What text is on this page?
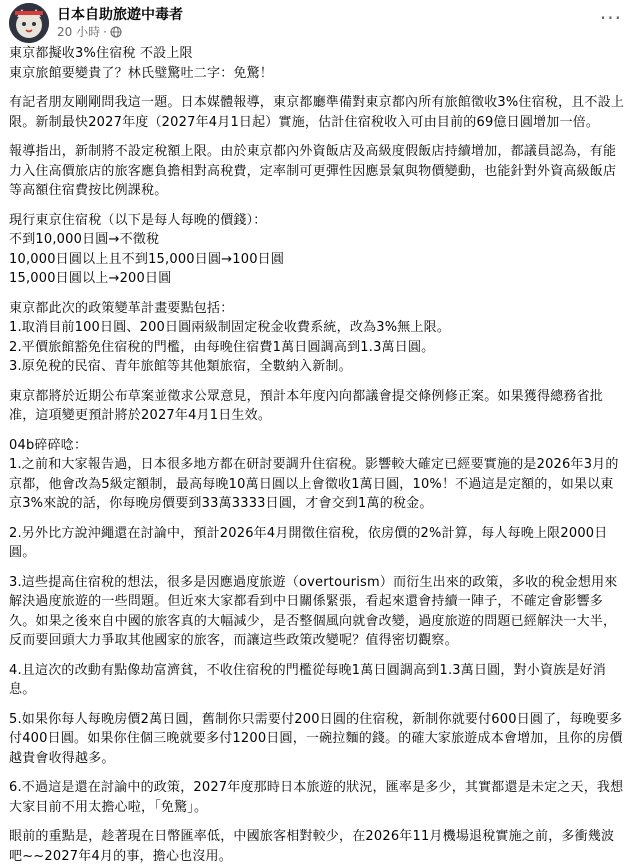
日本自助旅遊中毒者
20 小時 ·
···

東京都擬收3%住宿稅 不設上限
東京旅館要變貴了？林氏璧驚吐二字：免驚！

有記者朋友剛剛問我這一題。日本媒體報導，東京都廳準備對東京都內所有旅館徵收3%住宿稅，且不設上限。新制最快2027年度（2027年4月1日起）實施，估計住宿稅收入可由目前的69億日圓增加一倍。

報導指出，新制將不設定稅額上限。由於東京都內外資飯店及高級度假飯店持續增加，都議員認為，有能力入住高價旅店的旅客應負擔相對高稅費，定率制可更彈性因應景氣與物價變動，也能針對外資高級飯店等高額住宿費按比例課稅。

現行東京住宿稅（以下是每人每晚的價錢）：
不到10,000日圓→不徵稅
10,000日圓以上且不到15,000日圓→100日圓
15,000日圓以上→200日圓

東京都此次的政策變革計畫要點包括：
1.取消目前100日圓、200日圓兩級制固定稅金收費系統，改為3%無上限。
2.平價旅館豁免住宿稅的門檻，由每晚住宿費1萬日圓調高到1.3萬日圓。
3.原免稅的民宿、青年旅館等其他類旅宿，全數納入新制。

東京都將於近期公布草案並徵求公眾意見，預計本年度內向都議會提交條例修正案。如果獲得總務省批准，這項變更預計將於2027年4月1日生效。

04b碎碎唸：
1.之前和大家報告過，日本很多地方都在研討要調升住宿稅。影響較大確定已經要實施的是2026年3月的京都，他會改為5級定額制，最高每晚10萬日圓以上會徵收1萬日圓，10%！不過這是定額的，如果以東京3%來說的話，你每晚房價要到33萬3333日圓，才會交到1萬的稅金。

2.另外比方說沖繩還在討論中，預計2026年4月開徵住宿稅，依房價的2%計算，每人每晚上限2000日圓。

3.這些提高住宿稅的想法，很多是因應過度旅遊（overtourism）而衍生出來的政策，多收的稅金想用來解決過度旅遊的一些問題。但近來大家都看到中日關係緊張，看起來還會持續一陣子，不確定會影響多久。如果之後來自中國的旅客真的大幅減少，是否整個風向就會改變，過度旅遊的問題已經解決一大半，反而要回頭大力爭取其他國家的旅客，而讓這些政策改變呢？值得密切觀察。

4.且這次的改動有點像劫富濟貧，不收住宿稅的門檻從每晚1萬日圓調高到1.3萬日圓，對小資族是好消息。

5.如果你每人每晚房價2萬日圓，舊制你只需要付200日圓的住宿稅，新制你就要付600日圓了，每晚要多付400日圓。如果你住個三晚就要多付1200日圓，一碗拉麵的錢。的確大家旅遊成本會增加，且你的房價越貴會收得越多。

6.不過這是還在討論中的政策，2027年度那時日本旅遊的狀況，匯率是多少，其實都還是未定之天，我想大家目前不用太擔心啦，「免驚」。

眼前的重點是，趁著現在日幣匯率低，中國旅客相對較少，在2026年11月機場退稅實施之前，多衝幾波吧~~2027年4月的事，擔心也沒用。
